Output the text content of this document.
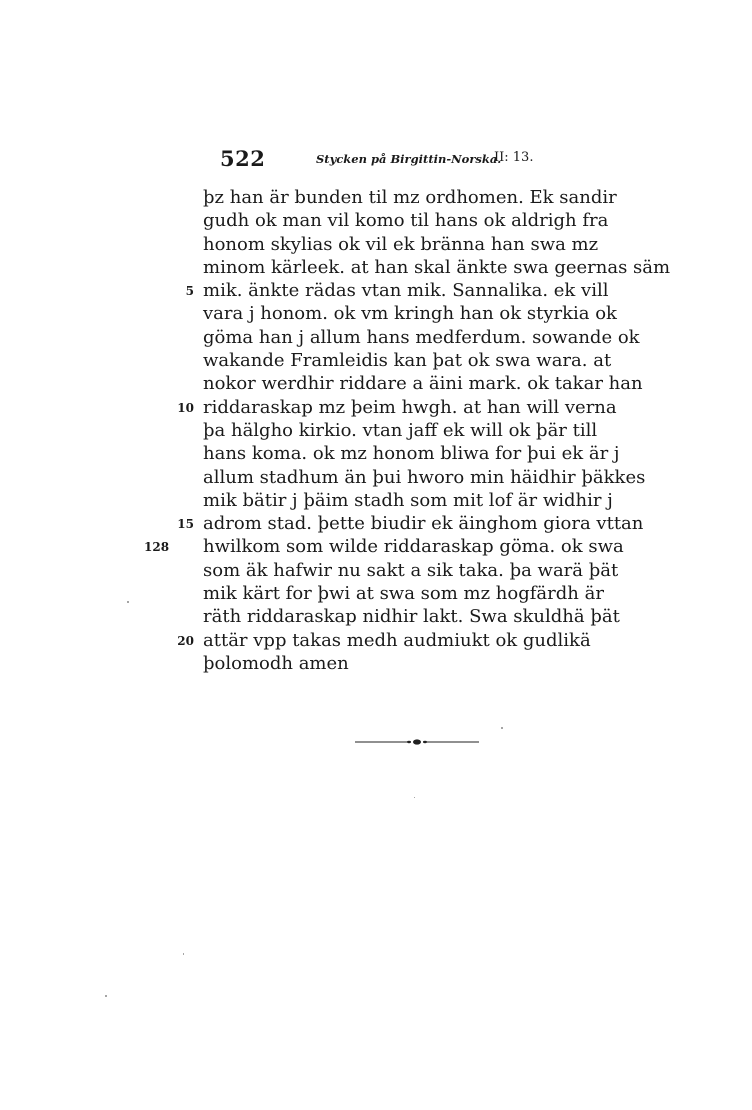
522	Stycken på Birgittin-Norska.
II: 13.
þz han är bunden til mz ordhomen. Ek sandir
gudh ok man vil komo til hans ok aldrigh fra
honom skylias ok vil ek bränna han swa mz
minom kärleek. at han skal änkte swa geernas säm
5 mik. änkte rädas vtan mik. Sannalika. ek vill
vara j honom. ok vm kringh han ok styrkia ok
göma han j allum hans medferdum. sowande ok
wakande Framleidis kan þat ok swa wara. at
nokor werdhir riddare a äini mark. ok takar han
10 riddaraskap mz þeim hwgh. at han will verna
þa hälgho kirkio. vtan jaff ek will ok þär till
hans koma. ok mz honom bliwa for þui ek är j
allum stadhum än þui hworo min häidhir þäkkes
mik bätir j þäim stadh som mit lof är widhir j
15 adrom stad. þette biudir ek äinghom giora vttan
128 hwilkom som wilde riddaraskap göma. ok swa
som äk hafwir nu sakt a sik taka. þa warä þät
mik kärt for þwi at swa som mz hogfärdh är
räth riddaraskap nidhir lakt. Swa skuldhä þät
20 attär vpp takas medh audmiukt ok gudlikä
þolomodh amen
